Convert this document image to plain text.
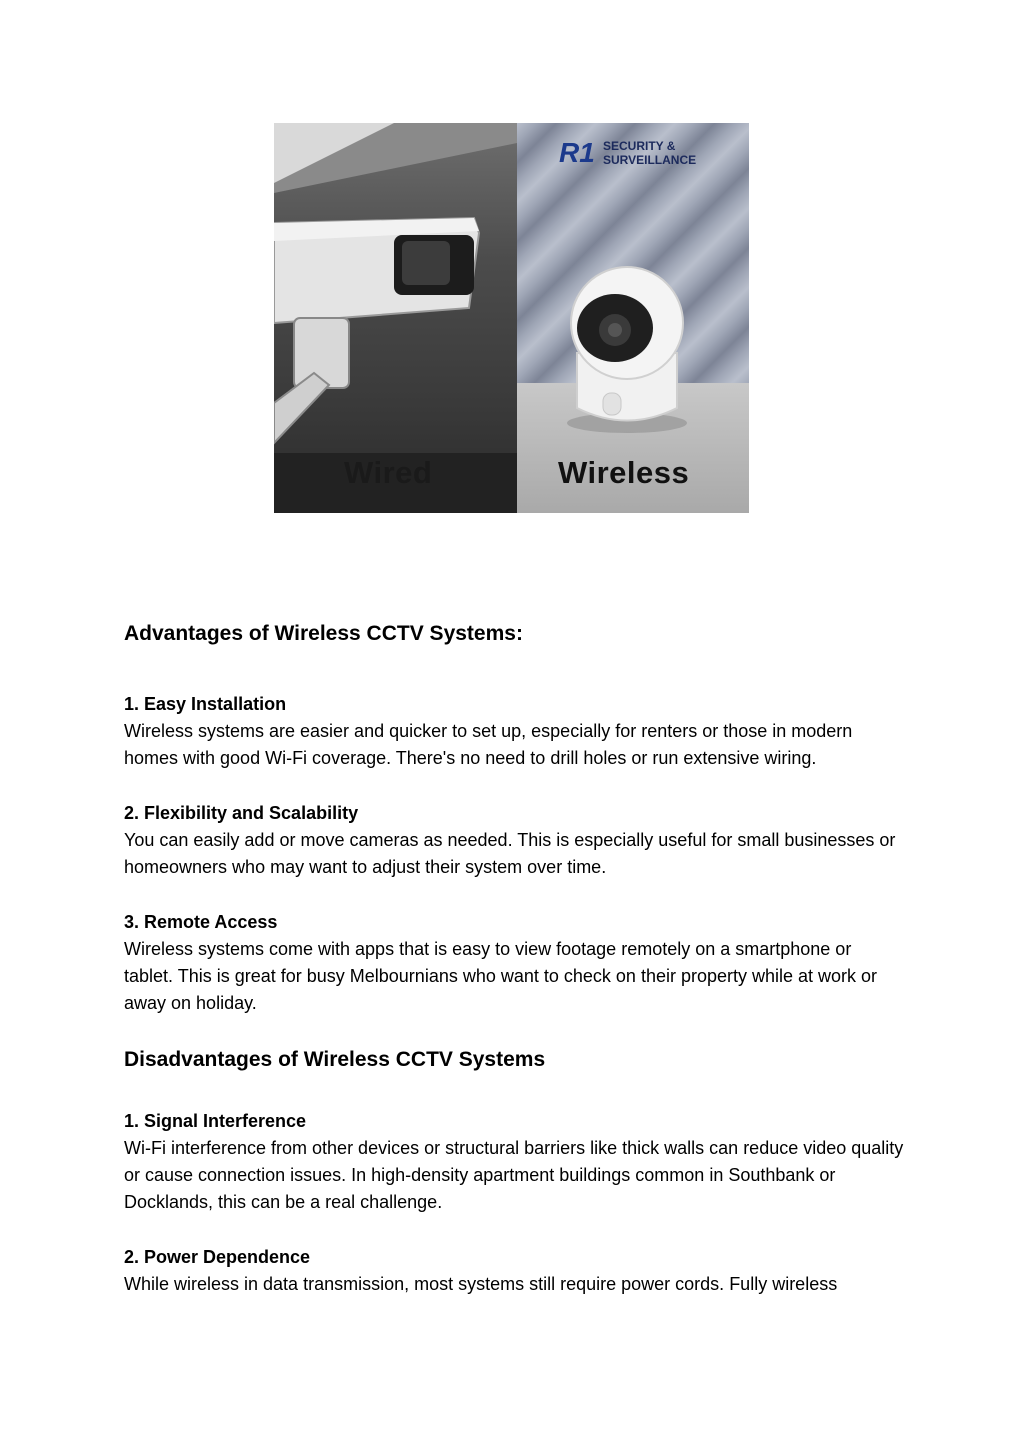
Wired
R1 SECURITY &
SURVEILLANCE
Wireless
Advantages of Wireless CCTV Systems:
1. Easy Installation
Wireless systems are easier and quicker to set up, especially for renters or those in modern homes with good Wi-Fi coverage. There's no need to drill holes or run extensive wiring.
2. Flexibility and Scalability
You can easily add or move cameras as needed. This is especially useful for small businesses or homeowners who may want to adjust their system over time.
3. Remote Access
Wireless systems come with apps that is easy to view footage remotely on a smartphone or tablet. This is great for busy Melbournians who want to check on their property while at work or away on holiday.
Disadvantages of Wireless CCTV Systems
1. Signal Interference
Wi-Fi interference from other devices or structural barriers like thick walls can reduce video quality or cause connection issues. In high-density apartment buildings common in Southbank or Docklands, this can be a real challenge.
2. Power Dependence
While wireless in data transmission, most systems still require power cords. Fully wireless
